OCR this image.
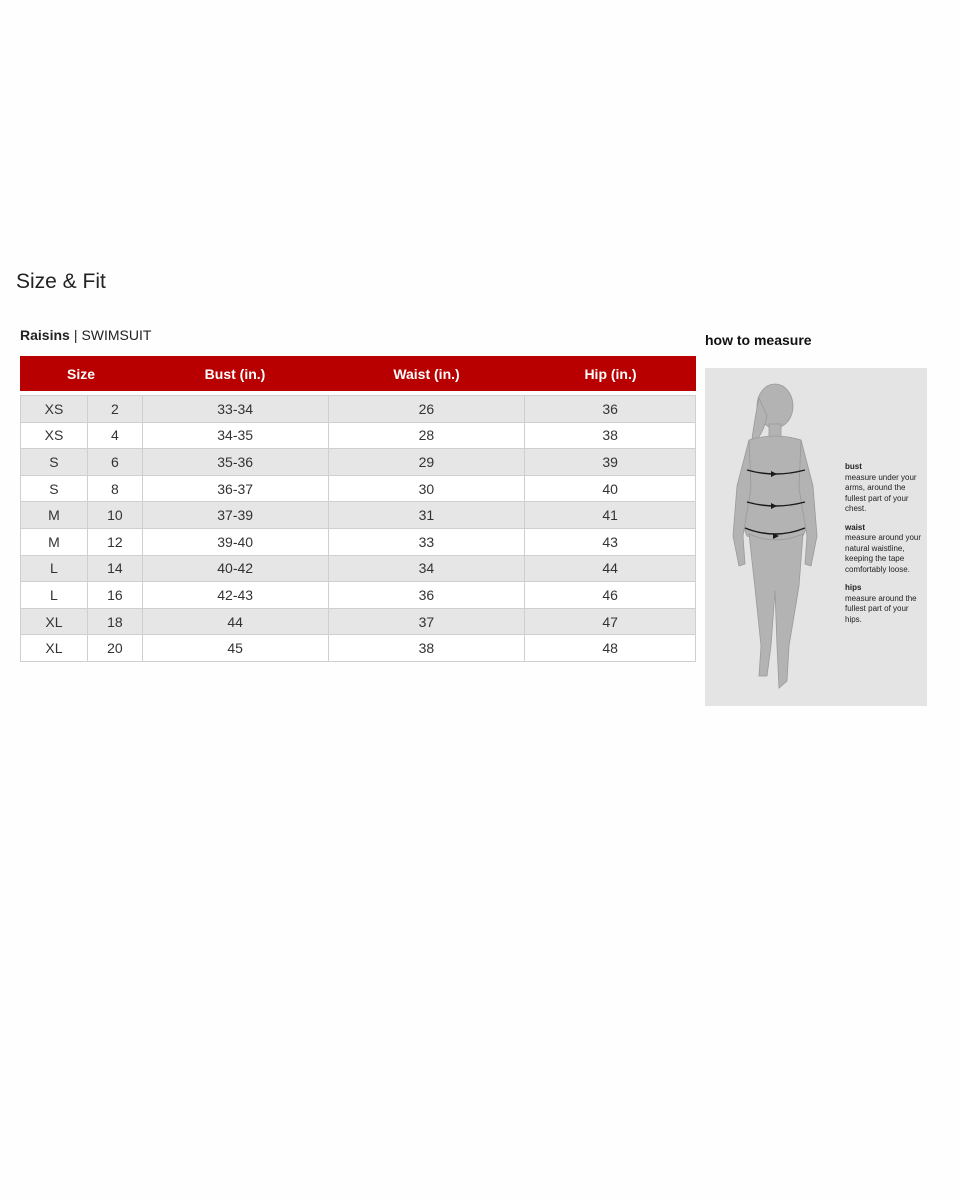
Size & Fit
Raisins | SWIMSUIT
Size	Bust (in.)	Waist (in.)	Hip (in.)
XS	2	33-34	26	36
XS	4	34-35	28	38
S	6	35-36	29	39
S	8	36-37	30	40
M	10	37-39	31	41
M	12	39-40	33	43
L	14	40-42	34	44
L	16	42-43	36	46
XL	18	44	37	47
XL	20	45	38	48
how to measure
bust
measure under your arms, around the fullest part of your chest.
waist
measure around your natural waistline, keeping the tape comfortably loose.
hips
measure around the fullest part of your hips.
